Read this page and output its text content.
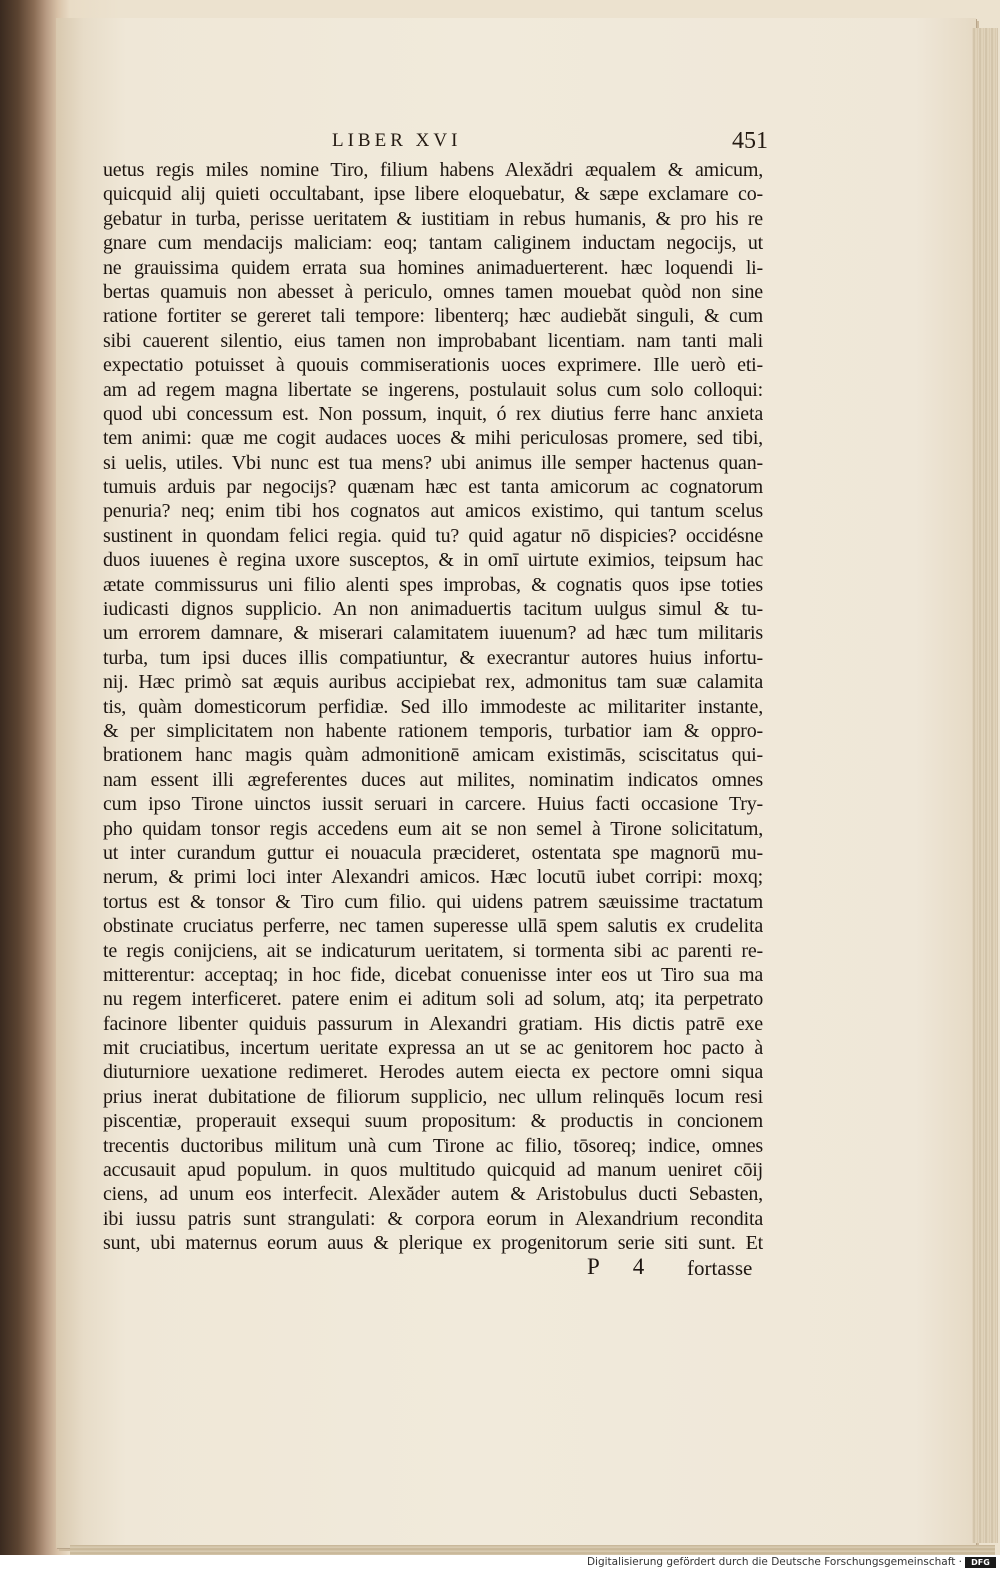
LIBER XVI	451
uetus regis miles nomine Tiro, filium habens Alexădri æqualem & amicum,
quicquid alij quieti occultabant, ipse libere eloquebatur, & sæpe exclamare co-
gebatur in turba, perisse ueritatem & iustitiam in rebus humanis, & pro his re
gnare cum mendacijs maliciam: eoq; tantam caliginem inductam negocijs, ut
ne grauissima quidem errata sua homines animaduerterent. hæc loquendi li-
bertas quamuis non abesset à periculo, omnes tamen mouebat quòd non sine
ratione fortiter se gereret tali tempore: libenterq; hæc audiebăt singuli, & cum
sibi cauerent silentio, eius tamen non improbabant licentiam. nam tanti mali
expectatio potuisset à quouis commiserationis uoces exprimere. Ille uerò eti-
am ad regem magna libertate se ingerens, postulauit solus cum solo colloqui:
quod ubi concessum est. Non possum, inquit, ó rex diutius ferre hanc anxieta
tem animi: quæ me cogit audaces uoces & mihi periculosas promere, sed tibi,
si uelis, utiles. Vbi nunc est tua mens? ubi animus ille semper hactenus quan-
tumuis arduis par negocijs? quænam hæc est tanta amicorum ac cognatorum
penuria? neq; enim tibi hos cognatos aut amicos existimo, qui tantum scelus
sustinent in quondam felici regia. quid tu? quid agatur nō dispicies? occidésne
duos iuuenes è regina uxore susceptos, & in omī uirtute eximios, teipsum hac
ætate commissurus uni filio alenti spes improbas, & cognatis quos ipse toties
iudicasti dignos supplicio. An non animaduertis tacitum uulgus simul & tu-
um errorem damnare, & miserari calamitatem iuuenum? ad hæc tum militaris
turba, tum ipsi duces illis compatiuntur, & execrantur autores huius infortu-
nij. Hæc primò sat æquis auribus accipiebat rex, admonitus tam suæ calamita
tis, quàm domesticorum perfidiæ. Sed illo immodeste ac militariter instante,
& per simplicitatem non habente rationem temporis, turbatior iam & oppro-
brationem hanc magis quàm admonitionē amicam existimās, sciscitatus qui-
nam essent illi ægreferentes duces aut milites, nominatim indicatos omnes
cum ipso Tirone uinctos iussit seruari in carcere. Huius facti occasione Try-
pho quidam tonsor regis accedens eum ait se non semel à Tirone solicitatum,
ut inter curandum guttur ei nouacula præcideret, ostentata spe magnorū mu-
nerum, & primi loci inter Alexandri amicos. Hæc locutū iubet corripi: moxq;
tortus est & tonsor & Tiro cum filio. qui uidens patrem sæuissime tractatum
obstinate cruciatus perferre, nec tamen superesse ullā spem salutis ex crudelita
te regis conijciens, ait se indicaturum ueritatem, si tormenta sibi ac parenti re-
mitterentur: acceptaq; in hoc fide, dicebat conuenisse inter eos ut Tiro sua ma
nu regem interficeret. patere enim ei aditum soli ad solum, atq; ita perpetrato
facinore libenter quiduis passurum in Alexandri gratiam. His dictis patrē exe
mit cruciatibus, incertum ueritate expressa an ut se ac genitorem hoc pacto à
diuturniore uexatione redimeret. Herodes autem eiecta ex pectore omni siqua
prius inerat dubitatione de filiorum supplicio, nec ullum relinquēs locum resi
piscentiæ, properauit exsequi suum propositum: & productis in concionem
trecentis ductoribus militum unà cum Tirone ac filio, tōsoreq; indice, omnes
accusauit apud populum. in quos multitudo quicquid ad manum ueniret cōij
ciens, ad unum eos interfecit. Alexăder autem & Aristobulus ducti Sebasten,
ibi iussu patris sunt strangulati: & corpora eorum in Alexandrium recondita
sunt, ubi maternus eorum auus & plerique ex progenitorum serie siti sunt. Et
P 4 fortasse
Digitalisierung gefördert durch die Deutsche Forschungsgemeinschaft ·	DFG
